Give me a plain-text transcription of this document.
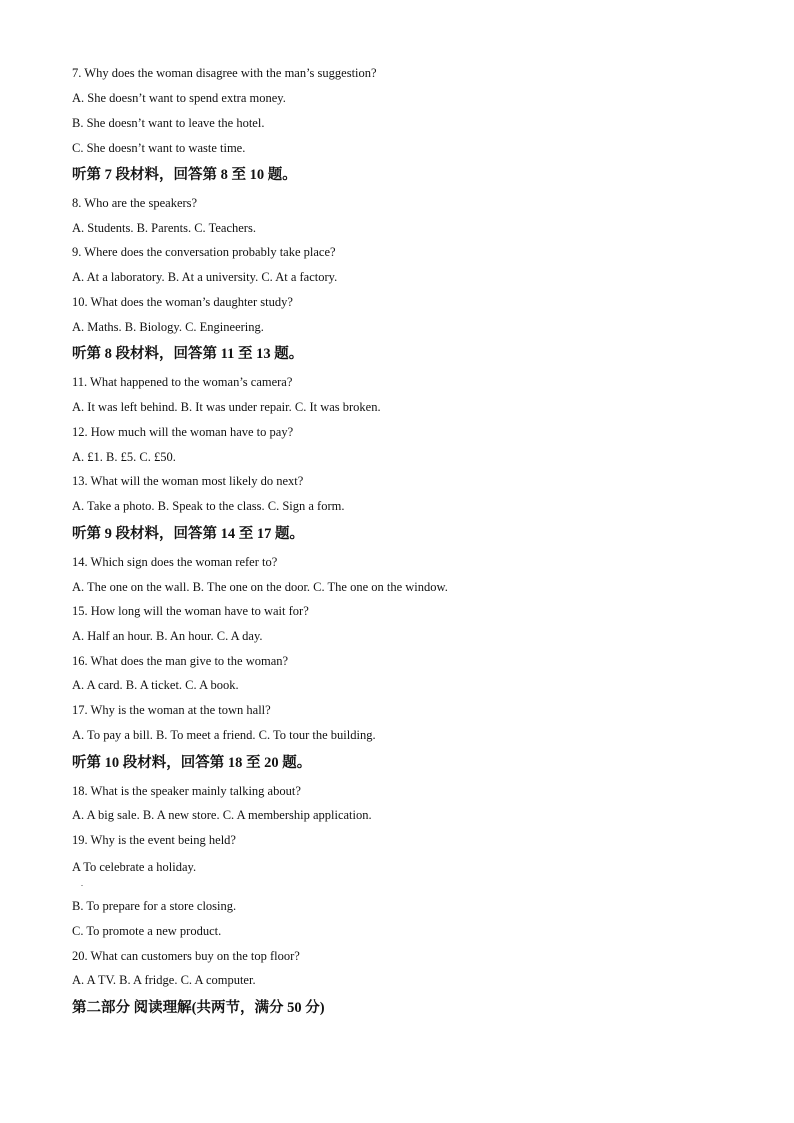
7. Why does the woman disagree with the man’s suggestion?
A. She doesn’t want to spend extra money.
B. She doesn’t want to leave the hotel.
C. She doesn’t want to waste time.
听第 7 段材料，回答第 8 至 10 题。
8. Who are the speakers?
A. Students. B. Parents. C. Teachers.
9. Where does the conversation probably take place?
A. At a laboratory. B. At a university. C. At a factory.
10. What does the woman’s daughter study?
A. Maths. B. Biology. C. Engineering.
听第 8 段材料，回答第 11 至 13 题。
11. What happened to the woman’s camera?
A. It was left behind. B. It was under repair. C. It was broken.
12. How much will the woman have to pay?
A. £1. B. £5. C. £50.
13. What will the woman most likely do next?
A. Take a photo. B. Speak to the class. C. Sign a form.
听第 9 段材料，回答第 14 至 17 题。
14. Which sign does the woman refer to?
A. The one on the wall. B. The one on the door. C. The one on the window.
15. How long will the woman have to wait for?
A. Half an hour. B. An hour. C. A day.
16. What does the man give to the woman?
A. A card. B. A ticket. C. A book.
17. Why is the woman at the town hall?
A. To pay a bill. B. To meet a friend. C. To tour the building.
听第 10 段材料，回答第 18 至 20 题。
18. What is the speaker mainly talking about?
A. A big sale. B. A new store. C. A membership application.
19. Why is the event being held?
A To celebrate a holiday.
.
B. To prepare for a store closing.
C. To promote a new product.
20. What can customers buy on the top floor?
A. A TV. B. A fridge. C. A computer.
第二部分 阅读理解(共两节，满分 50 分)
